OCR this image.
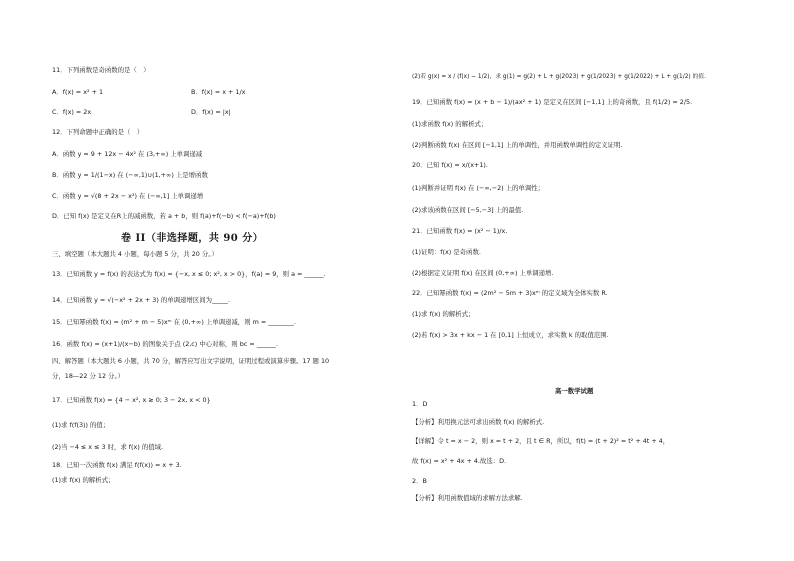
11．下列函数是奇函数的是（　）
A．f(x) = x² + 1	B．f(x) = x + 1/x
C．f(x) = 2x	D．f(x) = |x|
12．下列命题中正确的是（　）
A．函数 y = 9 + 12x − 4x² 在 (3,+∞) 上单调递减
B．函数 y = 1/(1−x) 在 (−∞,1)∪(1,+∞) 上是增函数
C．函数 y = √(8 + 2x − x²) 在 (−∞,1] 上单调递增
D．已知 f(x) 是定义在R上的减函数，若 a + b，则 f(a)+f(−b) < f(−a)+f(b)
卷 II（非选择题，共 90 分）
三、填空题（本大题共 4 小题，每小题 5 分，共 20 分。）
13．已知函数 y = f(x) 的表达式为 f(x) = {−x, x ≤ 0; x², x > 0}，f(a) = 9，则 a = ______.
14．已知函数 y = √(−x² + 2x + 3) 的单调递增区间为_____.
15．已知幂函数 f(x) = (m² + m − 5)xᵐ 在 (0,+∞) 上单调递减，则 m = ________.
16．函数 f(x) = (x+1)/(x−b) 的图象关于点 (2,c) 中心对称，则 bc = ______.
四、解答题（本大题共 6 小题，共 70 分，解答应写出文字说明，证明过程或演算步骤。17 题 10
分，18—22 分 12 分。）
17．已知函数 f(x) = {4 − x², x ≥ 0; 3 − 2x, x < 0}
(1)求 f(f(3)) 的值；
(2)当 −4 ≤ x ≤ 3 时，求 f(x) 的值域.
18．已知一次函数 f(x) 满足 f(f(x)) = x + 3.
(1)求 f(x) 的解析式；
(2)若 g(x) = x / (f(x) − 1/2)，求 g(1) = g(2) + L + g(2023) + g(1/2023) + g(1/2022) + L + g(1/2) 的值.
19．已知函数 f(x) = (x + b − 1)/(ax² + 1) 是定义在区间 [−1,1] 上的奇函数，且 f(1/2) = 2/5.
(1)求函数 f(x) 的解析式；
(2)判断函数 f(x) 在区间 [−1,1] 上的单调性，并用函数单调性的定义证明.
20．已知 f(x) = x/(x+1).
(1)判断并证明 f(x) 在 (−∞,−2) 上的单调性；
(2)求该函数在区间 [−5,−3] 上的最值.
21．已知函数 f(x) = (x² − 1)/x.
(1)证明：f(x) 是奇函数.
(2)根据定义证明 f(x) 在区间 (0,+∞) 上单调递增.
22．已知幂函数 f(x) = (2m² − 5m + 3)xᵐ 的定义域为全体实数 R.
(1)求 f(x) 的解析式；
(2)若 f(x) > 3x + kx − 1 在 [0,1] 上恒成立，求实数 k 的取值范围.
高一数学试题
1．D
【分析】利用换元法可求出函数 f(x) 的解析式.
【详解】令 t = x − 2，则 x = t + 2，且 t ∈ R，所以，f(t) = (t + 2)² = t² + 4t + 4，
故 f(x) = x² + 4x + 4.故选：D.
2．B
【分析】利用函数值域的求解方法求解.
